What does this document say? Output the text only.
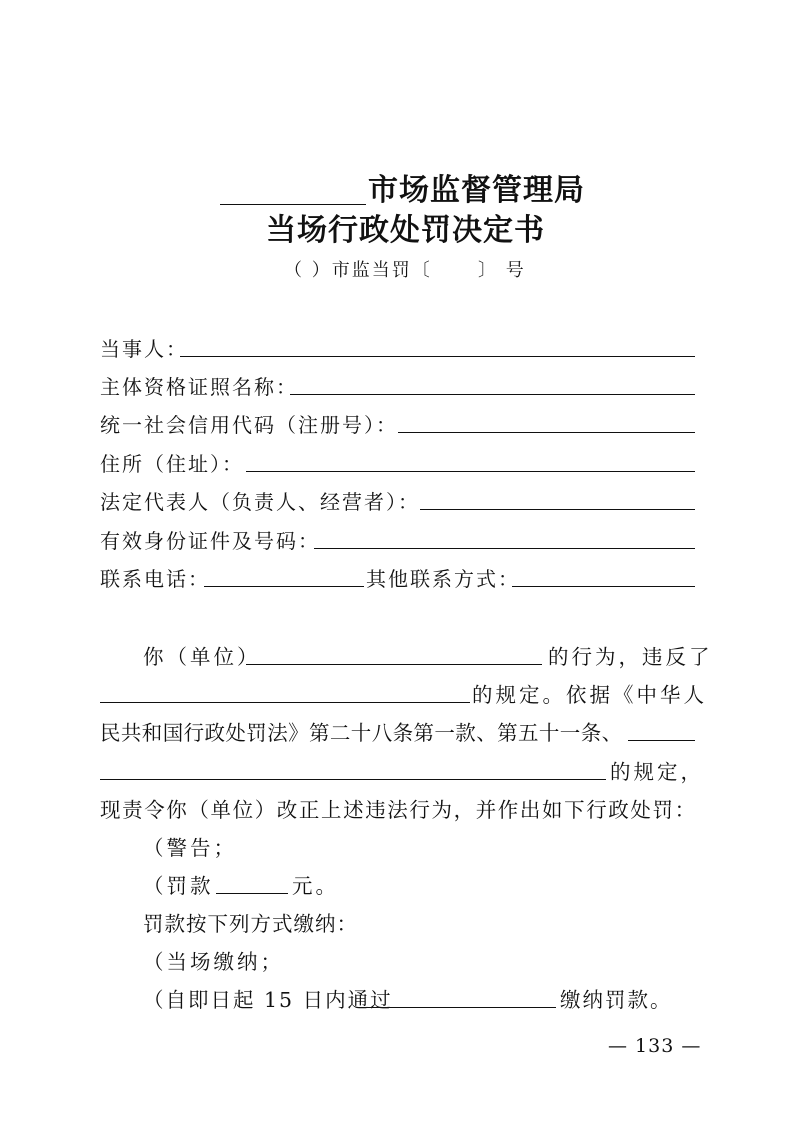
市场监督管理局
当场行政处罚决定书
（ ）市监当罚〔	〕 号
当事人：
主体资格证照名称：
统一社会信用代码（注册号）：
住所（住址）：
法定代表人（负责人、经营者）：
有效身份证件及号码：
联系电话：	其他联系方式：
你（单位）	的行为，违反了
的规定。依据《中华人
民共和国行政处罚法》第二十八条第一款、第五十一条、
的规定，
现责令你（单位）改正上述违法行为，并作出如下行政处罚：
（警告；
（罚款	元。
罚款按下列方式缴纳：
（当场缴纳；
（自即日起 15 日内通过	缴纳罚款。
— 133 —
